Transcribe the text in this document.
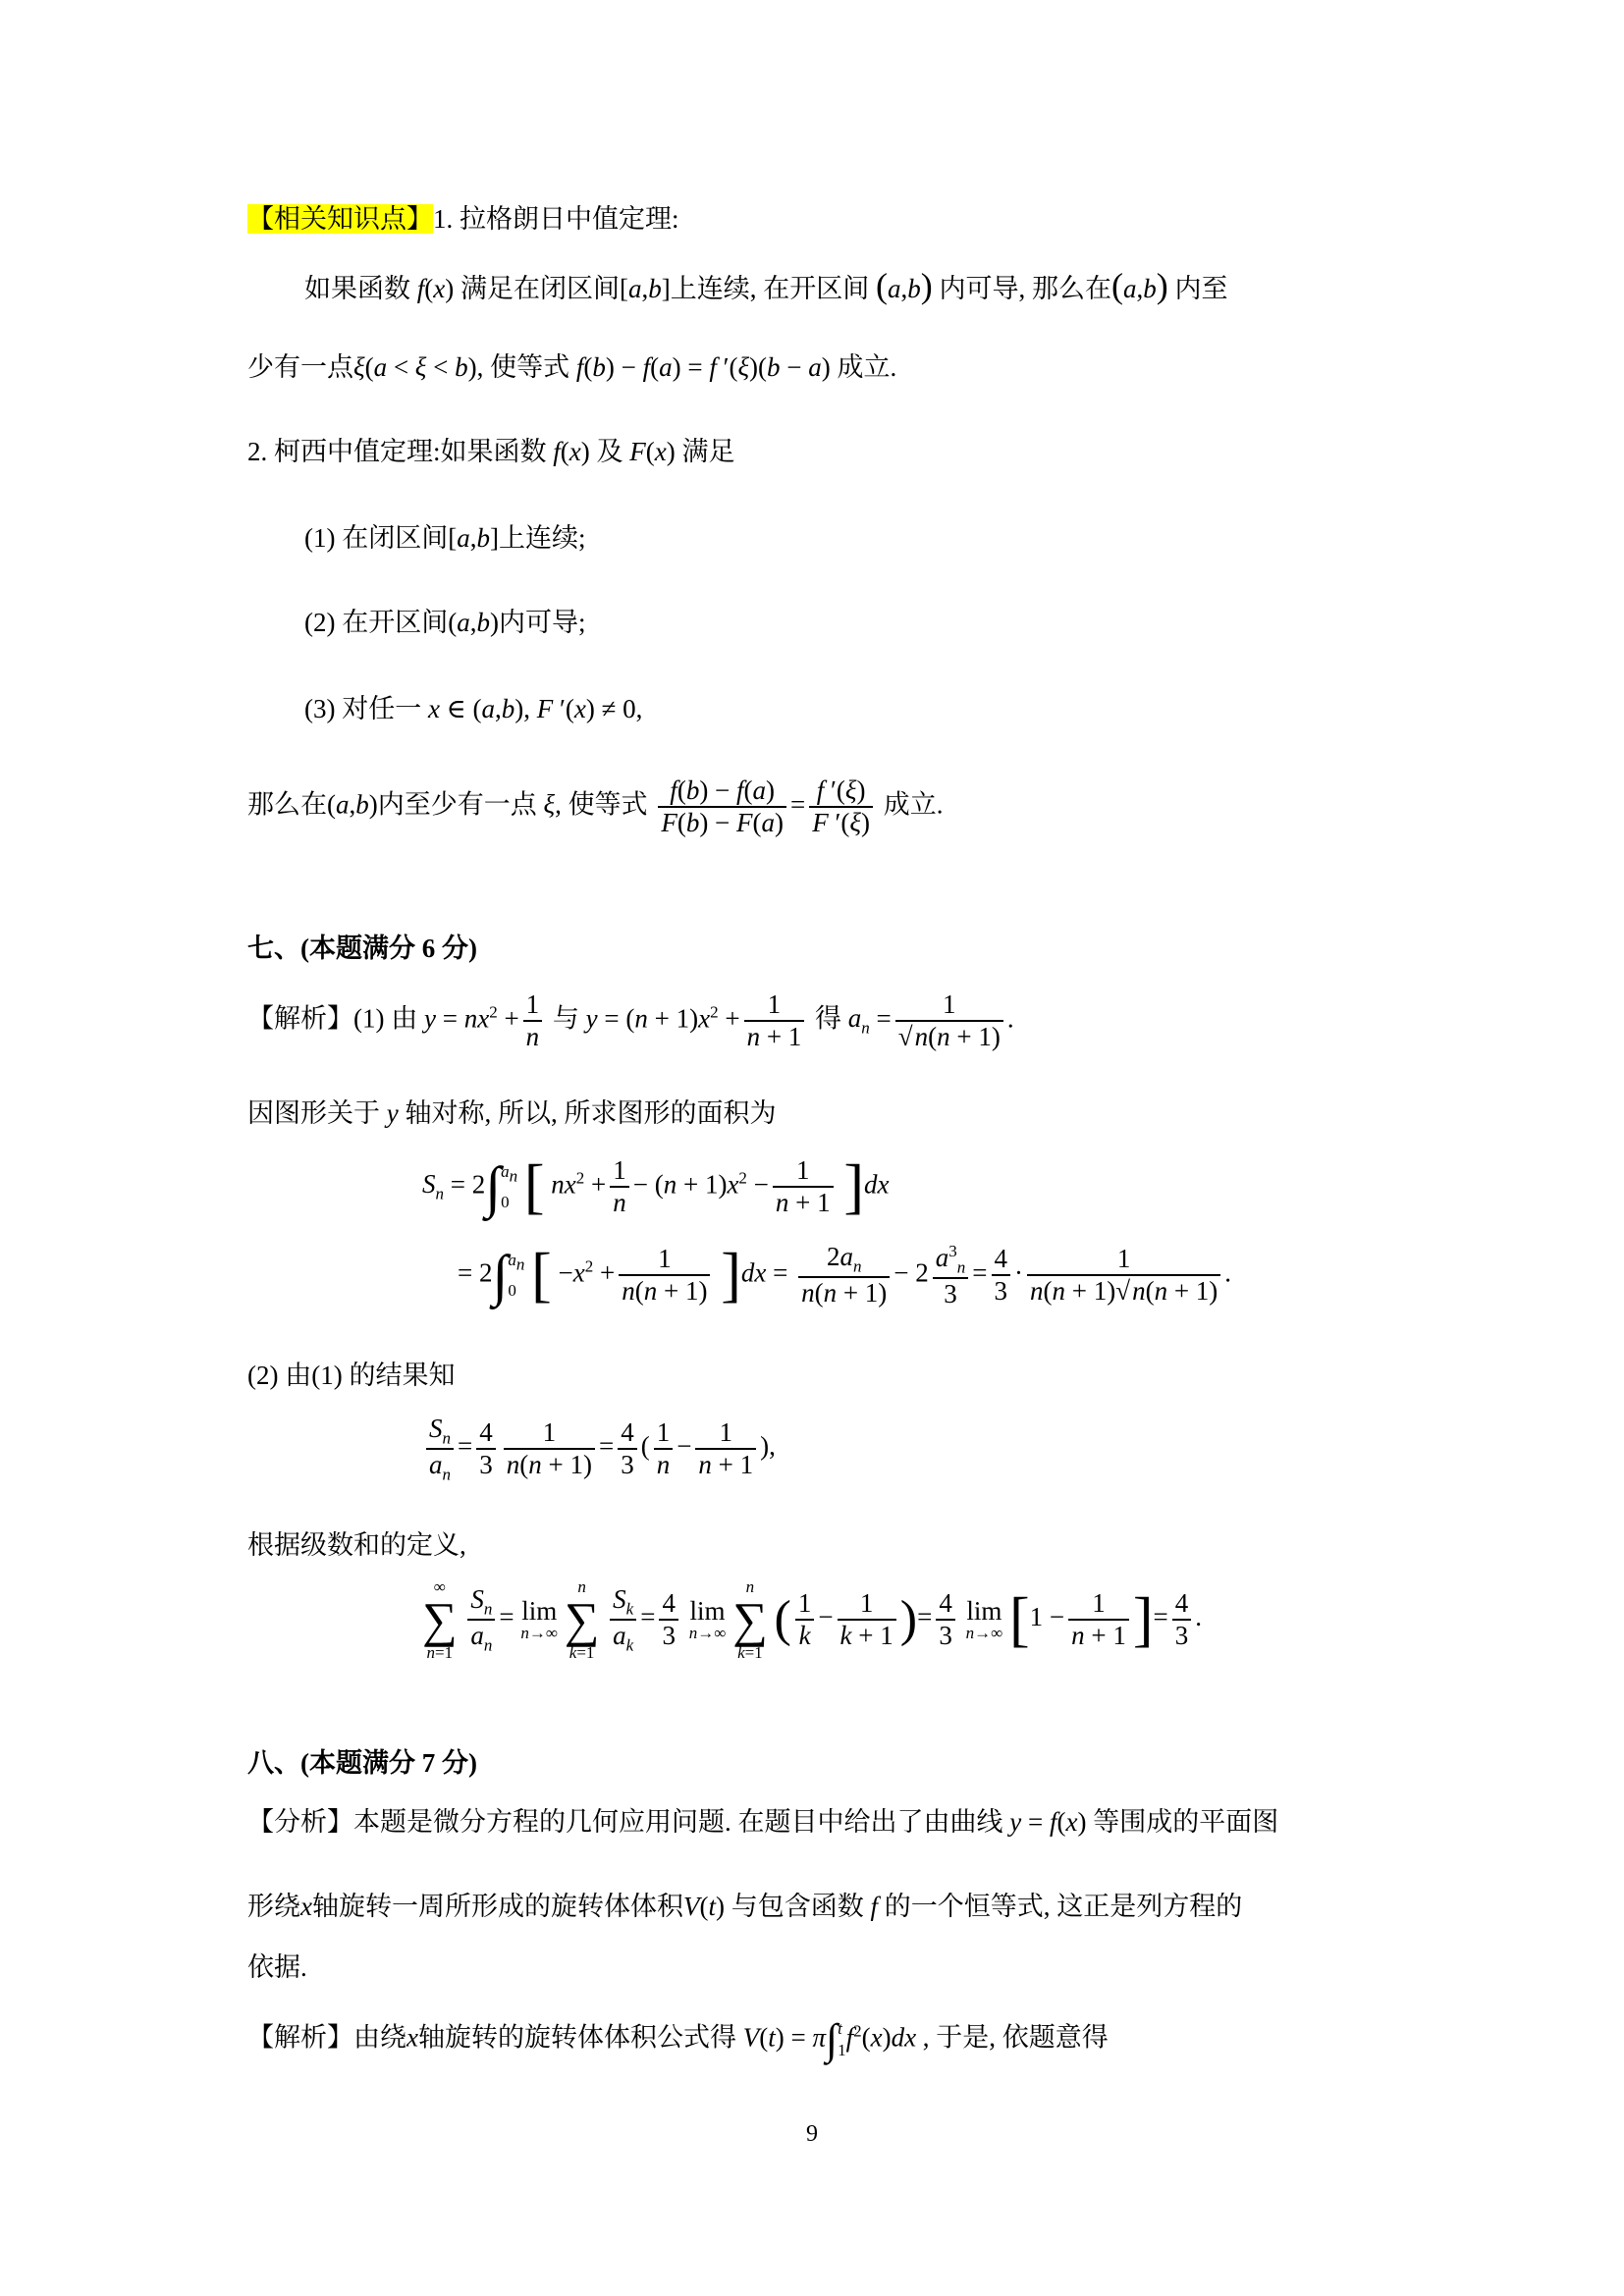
【相关知识点】1. 拉格朗日中值定理:
如果函数 f(x) 满足在闭区间[a,b]上连续, 在开区间 (a,b) 内可导, 那么在(a,b) 内至
少有一点ξ(a < ξ < b), 使等式 f(b) − f(a) = f ′(ξ)(b − a) 成立.
2. 柯西中值定理:如果函数 f(x) 及 F(x) 满足
(1) 在闭区间[a,b]上连续;
(2) 在开区间(a,b)内可导;
(3) 对任一 x ∈ (a,b), F ′(x) ≠ 0,
那么在(a,b)内至少有一点 ξ, 使等式 $\frac{f(b) - f(a)}{F(b) - F(a)} = \frac{f '(\xi)}{F '(\xi)}$ 成立.
七、(本题满分 6 分)
【解析】(1) 由 $y = nx^2 + \frac{1}{n}$ 与 $y = (n + 1)x^2 + \frac{1}{n + 1}$ 得 $a_n = \frac{1}{√n(n + 1)}$ .
因图形关于 y 轴对称, 所以, 所求图形的面积为
$S_n = 2\int$ $a_n$
0 [ $nx^2 + \frac{1}{n} - (n + 1)x^2 - \frac{1}{n + 1} ]dx$
= 2∫ $a_n$
0 [ $-x^2 + \frac{1}{n(n + 1)} ]dx = \frac{2a_n}{n(n + 1)} - 2 \frac{a^3_n}{3} = \frac{4}{3} \cdot \frac{1}{n(n + 1)√n(n + 1)}$ .
(2) 由(1) 的结果知
$\frac{S_n}{a_n} = \frac{4}{3} \frac{1}{n(n + 1)} = \frac{4}{3}$ ( $\frac{1}{n} - \frac{1}{n + 1}$ ),
根据级数和的定义,
∞
∑
n=1
$\frac{S_n}{a_n} = \lim$
n→∞

n
∑
k=1
$\frac{S_k}{a_k} = \frac{4}{3}$ lim
n→∞

n
∑
k=1
( $\frac{1}{k} - \frac{1}{k + 1}$ )= $\frac{4}{3}$ lim
n→∞ [$1 - \frac{1}{n + 1}$ ]= $\frac{4}{3}$ .
八、(本题满分 7 分)
【分析】本题是微分方程的几何应用问题. 在题目中给出了由曲线 y = f(x) 等围成的平面图
形绕x轴旋转一周所形成的旋转体体积V(t) 与包含函数 f 的一个恒等式, 这正是列方程的
依据.
【解析】由绕x轴旋转的旋转体体积公式得 V(t) = π∫ t
1 $f^2(x)dx$ , 于是, 依题意得
9
